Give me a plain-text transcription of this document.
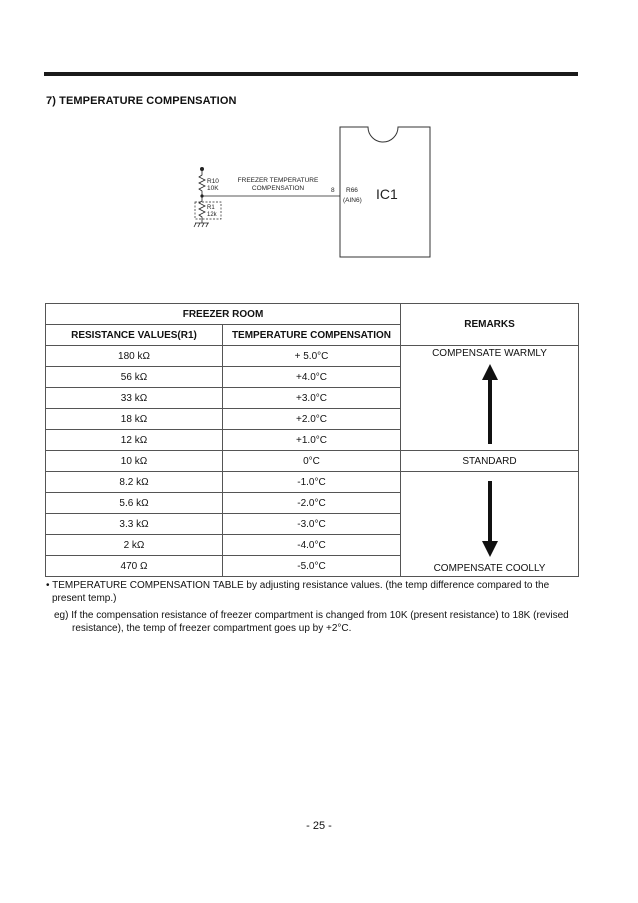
7) TEMPERATURE COMPENSATION
R10
10K
R1
12k
FREEZER TEMPERATURE
COMPENSATION	8 R66
(AIN6) IC1
FREEZER ROOM		REMARKS
RESISTANCE VALUES(R1)	TEMPERATURE COMPENSATION	
180 kΩ	+ 5.0°C	COMPENSATE WARMLY

56 kΩ	+4.0°C	
33 kΩ	+3.0°C	
18 kΩ	+2.0°C	
12 kΩ	+1.0°C	
10 kΩ	0°C	STANDARD
8.2 kΩ	-1.0°C	COMPENSATE COOLLY

5.6 kΩ	-2.0°C	
3.3 kΩ	-3.0°C	
2 kΩ	-4.0°C	
470 Ω	-5.0°C	

• TEMPERATURE COMPENSATION TABLE by adjusting resistance values. (the temp difference compared to the present temp.)

eg) If the compensation resistance of freezer compartment is changed from 10K (present resistance) to 18K (revised resistance), the temp of freezer compartment goes up by +2°C.

- 25 -
